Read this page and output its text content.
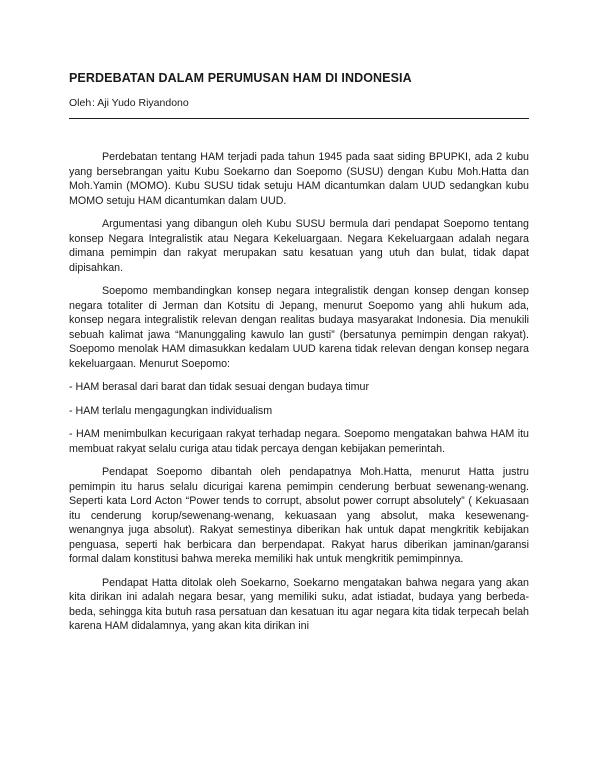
PERDEBATAN DALAM PERUMUSAN HAM DI INDONESIA
Oleh: Aji Yudo Riyandono

Perdebatan tentang HAM terjadi pada tahun 1945 pada saat siding BPUPKI, ada 2 kubu yang bersebrangan yaitu Kubu Soekarno dan Soepomo (SUSU) dengan Kubu Moh.Hatta dan Moh.Yamin (MOMO). Kubu SUSU tidak setuju HAM dicantumkan dalam UUD sedangkan kubu MOMO setuju HAM dicantumkan dalam UUD.

Argumentasi yang dibangun oleh Kubu SUSU bermula dari pendapat Soepomo tentang konsep Negara Integralistik atau Negara Kekeluargaan. Negara Kekeluargaan adalah negara dimana pemimpin dan rakyat merupakan satu kesatuan yang utuh dan bulat, tidak dapat dipisahkan.

Soepomo membandingkan konsep negara integralistik dengan konsep dengan konsep negara totaliter di Jerman dan Kotsitu di Jepang, menurut Soepomo yang ahli hukum ada, konsep negara integralistik relevan dengan realitas budaya masyarakat Indonesia. Dia menukili sebuah kalimat jawa “Manunggaling kawulo lan gusti” (bersatunya pemimpin dengan rakyat). Soepomo menolak HAM dimasukkan kedalam UUD karena tidak relevan dengan konsep negara kekeluargaan. Menurut Soepomo:

- HAM berasal dari barat dan tidak sesuai dengan budaya timur

- HAM terlalu mengagungkan individualism

- HAM menimbulkan kecurigaan rakyat terhadap negara. Soepomo mengatakan bahwa HAM itu membuat rakyat selalu curiga atau tidak percaya dengan kebijakan pemerintah.

Pendapat Soepomo dibantah oleh pendapatnya Moh.Hatta, menurut Hatta justru pemimpin itu harus selalu dicurigai karena pemimpin cenderung berbuat sewenang-wenang. Seperti kata Lord Acton “Power tends to corrupt, absolut power corrupt absolutely” ( Kekuasaan itu cenderung korup/sewenang-wenang, kekuasaan yang absolut, maka kesewenang-wenangnya juga absolut). Rakyat semestinya diberikan hak untuk dapat mengkritik kebijakan penguasa, seperti hak berbicara dan berpendapat. Rakyat harus diberikan jaminan/garansi formal dalam konstitusi bahwa mereka memiliki hak untuk mengkritik pemimpinnya.

Pendapat Hatta ditolak oleh Soekarno, Soekarno mengatakan bahwa negara yang akan kita dirikan ini adalah negara besar, yang memiliki suku, adat istiadat, budaya yang berbeda-beda, sehingga kita butuh rasa persatuan dan kesatuan itu agar negara kita tidak terpecah belah karena HAM didalamnya, yang akan kita dirikan ini
